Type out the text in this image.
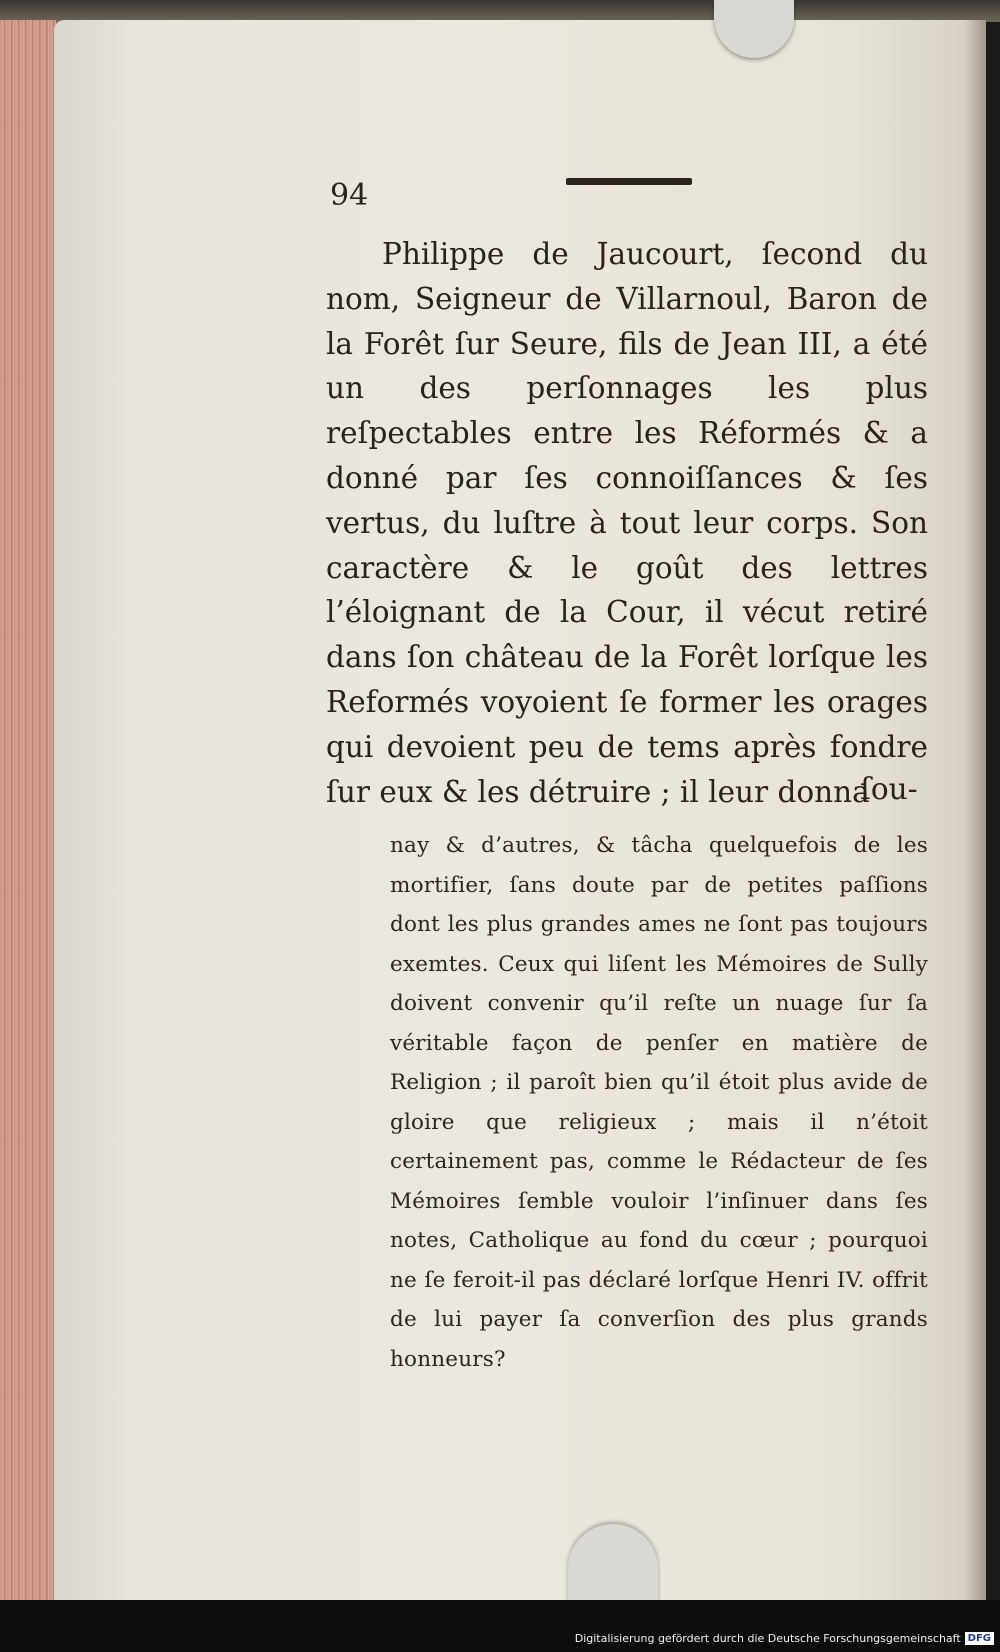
94

Philippe de Jaucourt, ſecond du nom, Seigneur de Villarnoul, Baron de la Forêt ſur Seure, fils de Jean III, a été un des perſonnages les plus reſpectables entre les Réformés & a donné par ſes connoiſſances & ſes vertus, du luſtre à tout leur corps. Son caractère & le goût des lettres l’éloignant de la Cour, il vécut retiré dans ſon château de la Forêt lorſque les Reformés voyoient ſe former les orages qui devoient peu de tems après fondre ſur eux & les détruire ; il leur donna

ſou-

nay & d’autres, & tâcha quelquefois de les mortifier, ſans doute par de petites paſſions dont les plus grandes ames ne ſont pas toujours exemtes. Ceux qui liſent les Mémoires de Sully doivent convenir qu’il reſte un nuage ſur ſa véritable façon de penſer en matière de Religion ; il paroît bien qu’il étoit plus avide de gloire que religieux ; mais il n’étoit certainement pas, comme le Rédacteur de ſes Mémoires ſemble vouloir l’inſinuer dans ſes notes, Catholique au fond du cœur ; pourquoi ne ſe feroit-il pas déclaré lorſque Henri IV. offrit de lui payer ſa converſion des plus grands honneurs?

Digitalisierung gefördert durch die Deutsche Forschungsgemeinschaft DFG
